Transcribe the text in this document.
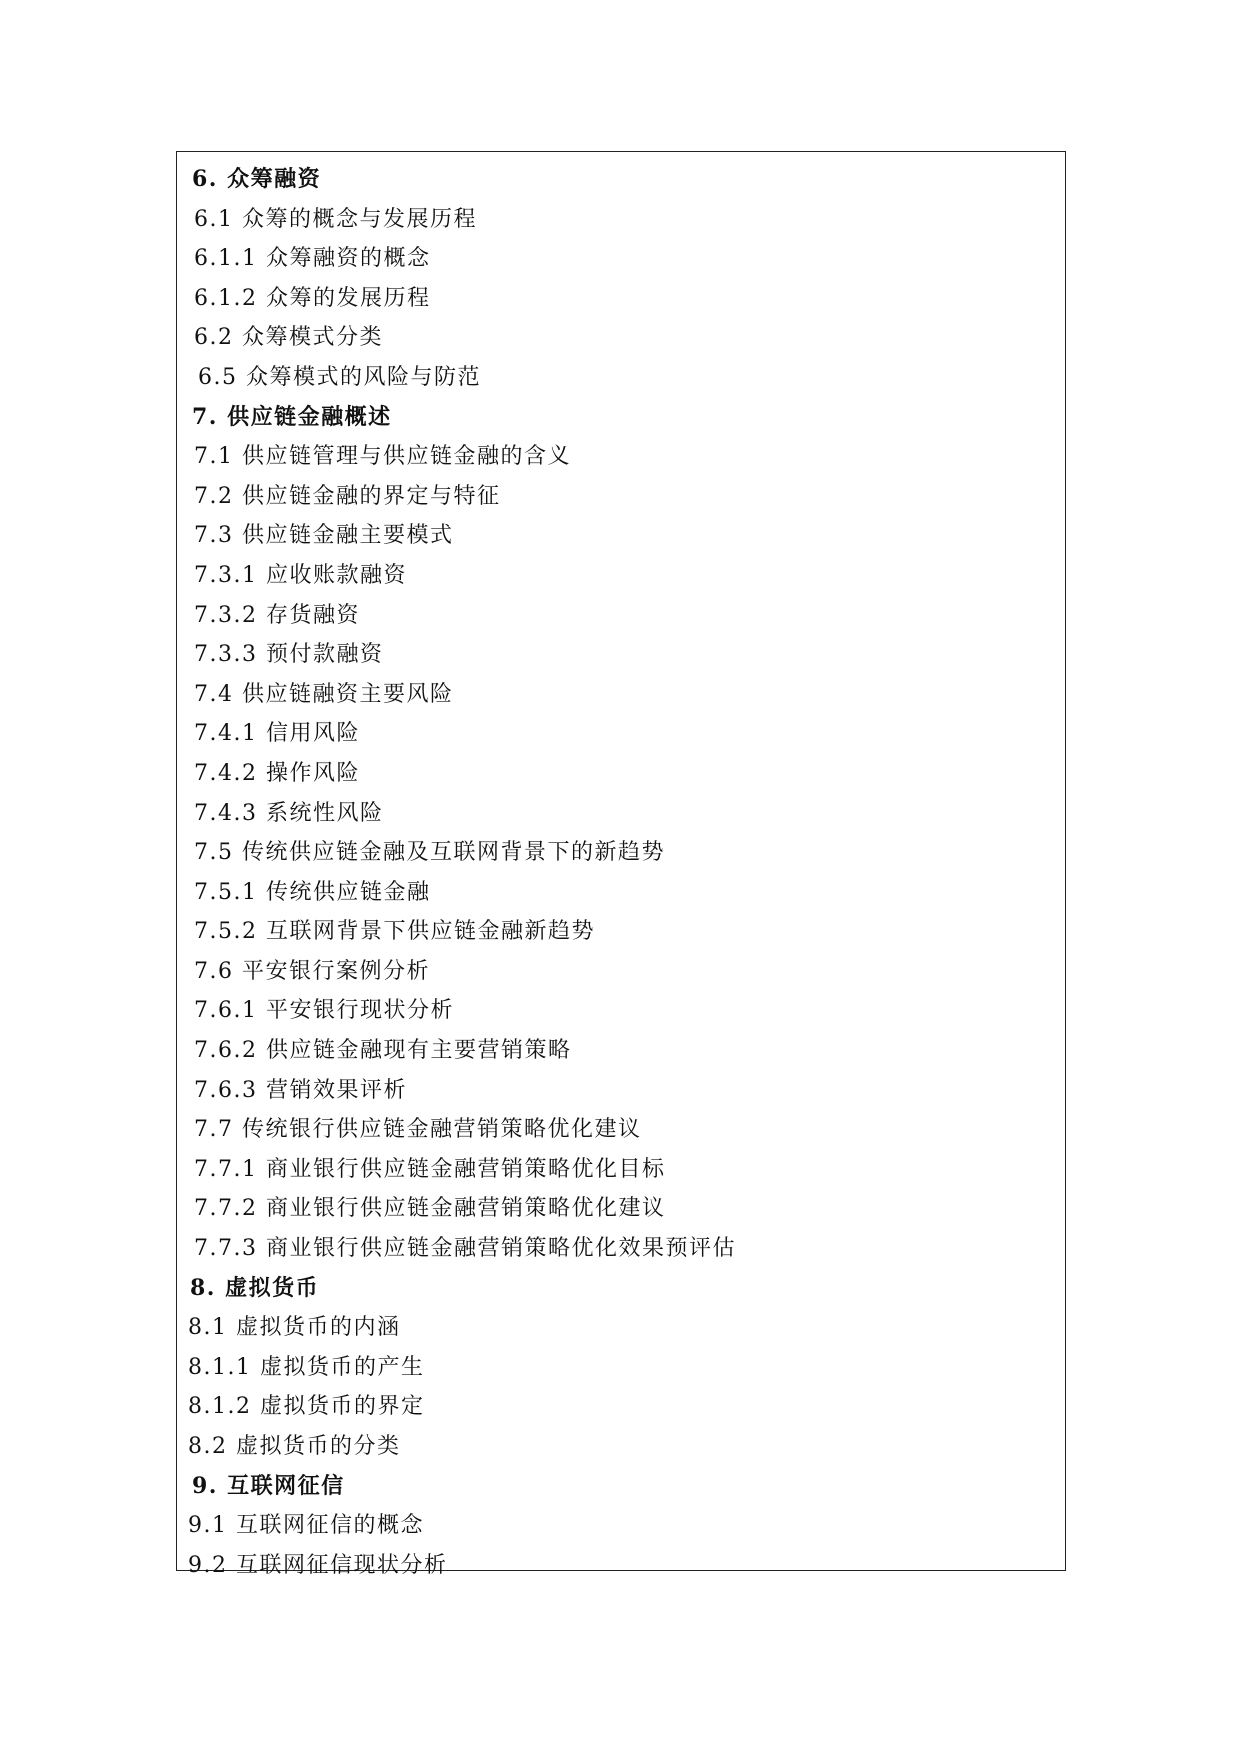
6. 众筹融资
6.1 众筹的概念与发展历程
6.1.1 众筹融资的概念
6.1.2 众筹的发展历程
6.2 众筹模式分类
6.5 众筹模式的风险与防范
7. 供应链金融概述
7.1 供应链管理与供应链金融的含义
7.2 供应链金融的界定与特征
7.3 供应链金融主要模式
7.3.1 应收账款融资
7.3.2 存货融资
7.3.3 预付款融资
7.4 供应链融资主要风险
7.4.1 信用风险
7.4.2 操作风险
7.4.3 系统性风险
7.5 传统供应链金融及互联网背景下的新趋势
7.5.1 传统供应链金融
7.5.2 互联网背景下供应链金融新趋势
7.6 平安银行案例分析
7.6.1 平安银行现状分析
7.6.2 供应链金融现有主要营销策略
7.6.3 营销效果评析
7.7 传统银行供应链金融营销策略优化建议
7.7.1 商业银行供应链金融营销策略优化目标
7.7.2 商业银行供应链金融营销策略优化建议
7.7.3 商业银行供应链金融营销策略优化效果预评估
8. 虚拟货币
8.1 虚拟货币的内涵
8.1.1 虚拟货币的产生
8.1.2 虚拟货币的界定
8.2 虚拟货币的分类
9. 互联网征信
9.1 互联网征信的概念
9.2 互联网征信现状分析
